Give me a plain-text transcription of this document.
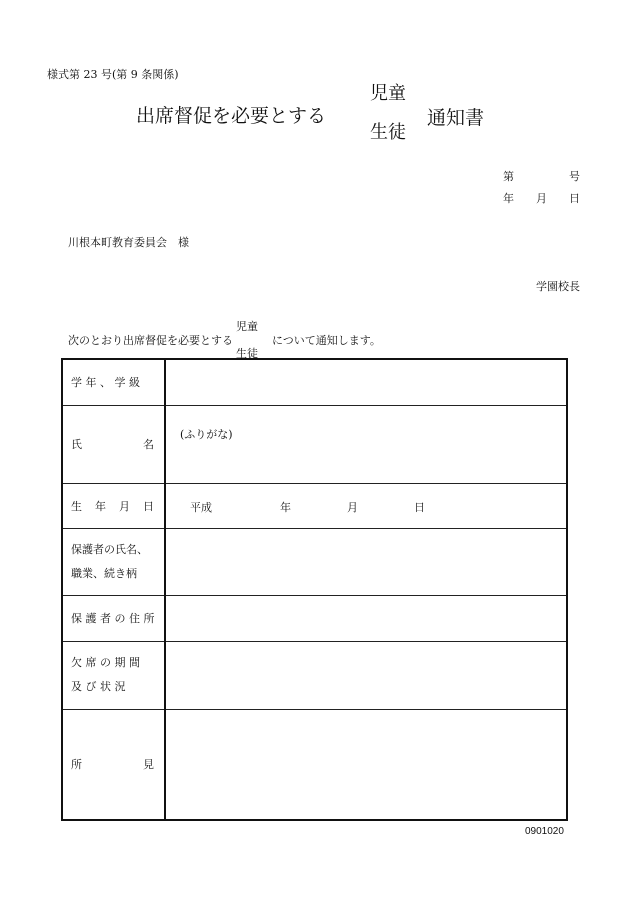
様式第 23 号(第 9 条関係)
出席督促を必要とする
児童
生徒
通知書
第	号
年 月 日
川根本町教育委員会　様
学園校長
次のとおり出席督促を必要とする
児童
生徒
について通知します。
学 年 、 学 級	

氏 名	(ふりがな)

生 年 月 日	平成 年 月 日

保護者の氏名、
職業、続き柄	

保 護 者 の 住 所	

欠 席 の 期 間
及 び 状 況	

所 見	

0901020
